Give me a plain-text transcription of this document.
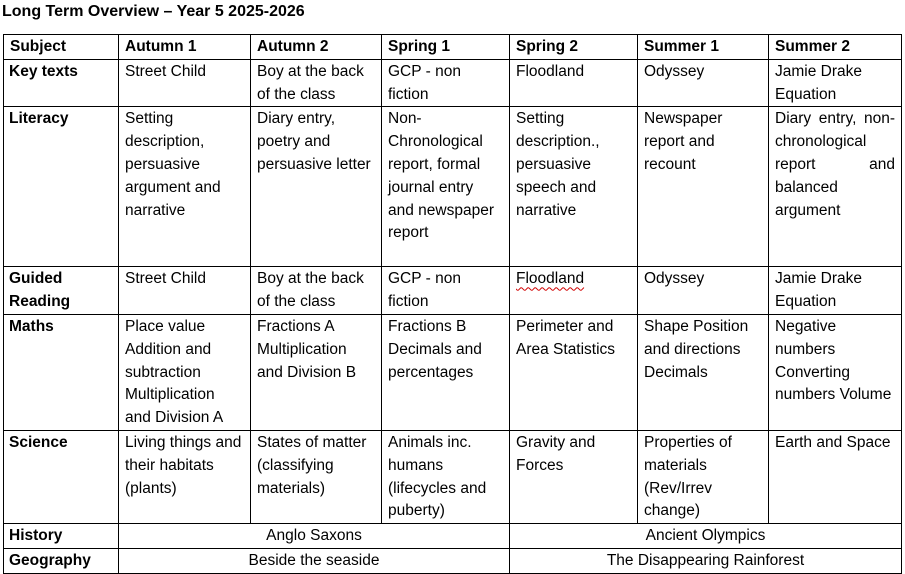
Long Term Overview – Year 5 2025-2026
Subject	Autumn 1	Autumn 2	Spring 1	Spring 2	Summer 1	Summer 2
Key texts	Street Child	Boy at the back of the class	GCP - non fiction	Floodland	Odyssey	Jamie Drake Equation
Literacy	Setting description, persuasive argument and narrative	Diary entry, poetry and persuasive letter	Non-Chronological report, formal journal entry and newspaper report	Setting description., persuasive speech and narrative	Newspaper report and recount	Diary entry, non-chronological report and balanced argument
Guided Reading	Street Child	Boy at the back of the class	GCP - non fiction	Floodland	Odyssey	Jamie Drake Equation
Maths	Place value Addition and subtraction Multiplication and Division A	Fractions A Multiplication and Division B	Fractions B Decimals and percentages	Perimeter and Area Statistics	Shape Position and directions Decimals	Negative numbers Converting numbers Volume
Science	Living things and their habitats (plants)	States of matter (classifying materials)	Animals inc. humans (lifecycles and puberty)	Gravity and Forces	Properties of materials (Rev/Irrev change)	Earth and Space
History	Anglo Saxons			Ancient Olympics		
Geography	Beside the seaside			The Disappearing Rainforest		
